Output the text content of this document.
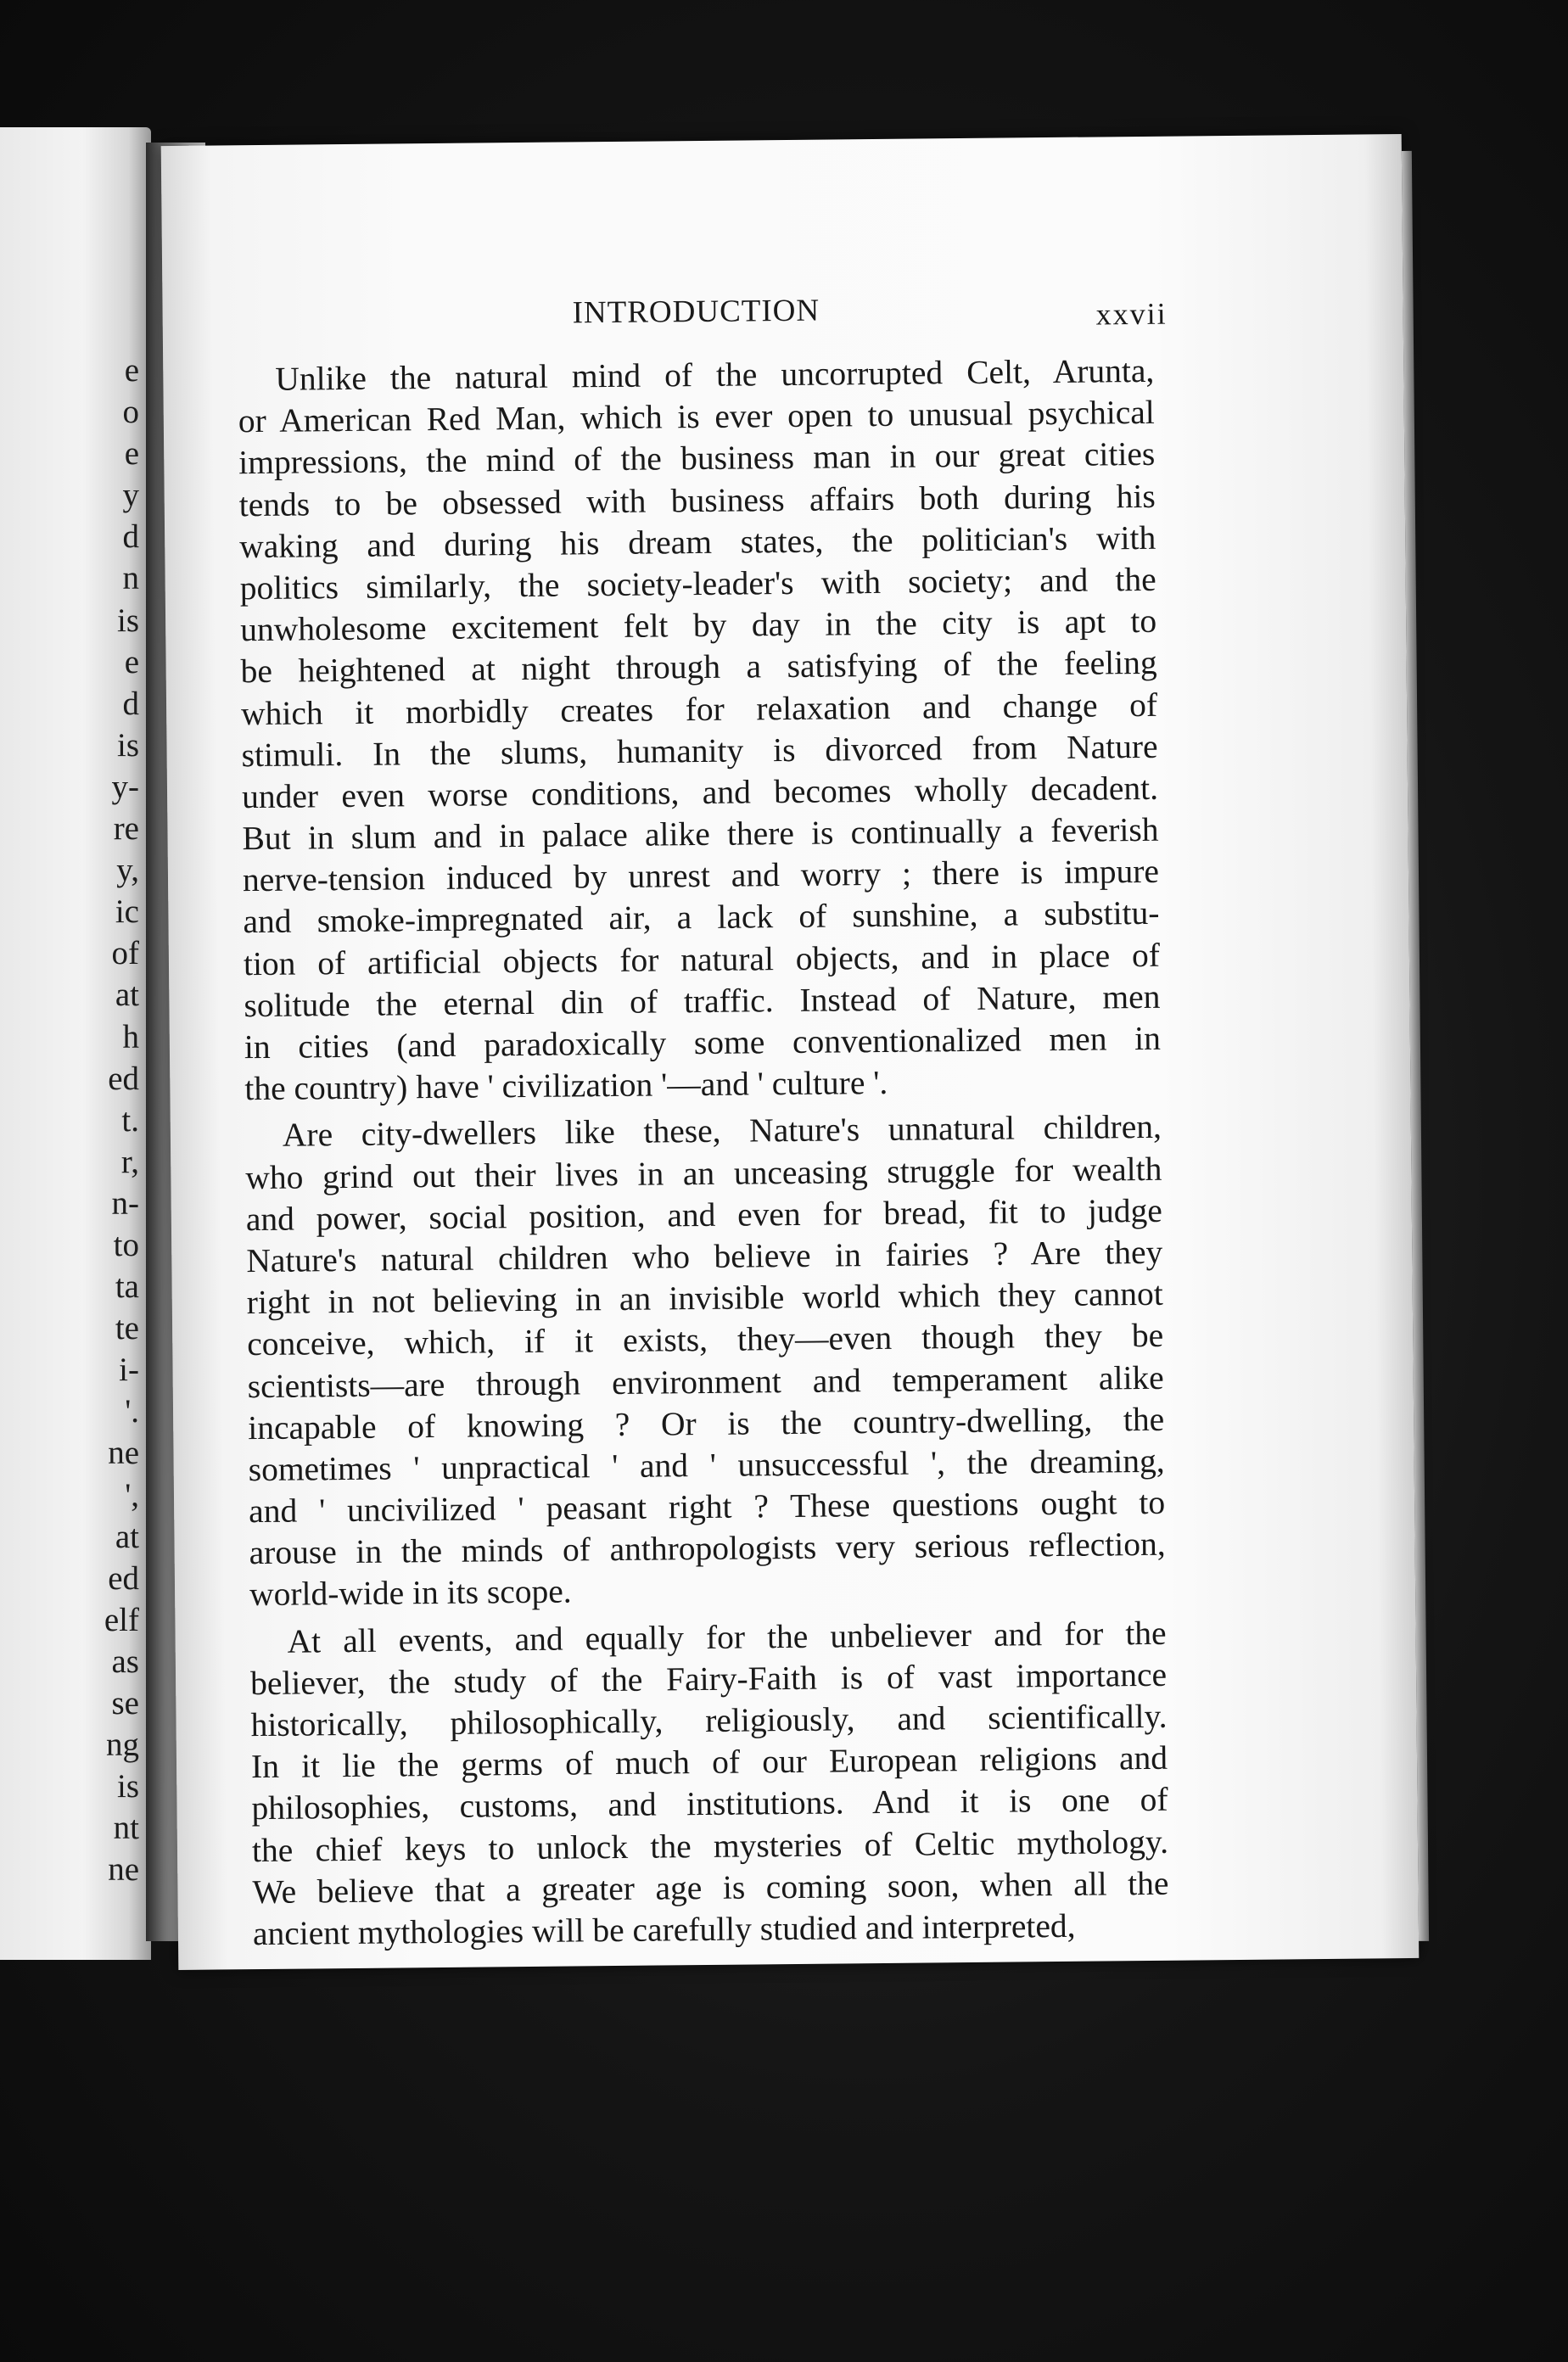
e
o
e
y
d
n
is
e
d
is
y-
re
y,
ic
of
at
h
ed
t.
r,
n-
to
ta
te
i-
'.
ne
',
at
ed
elf
as
se
ng
is
nt
ne
INTRODUCTION	xxvii
Unlike the natural mind of the uncorrupted Celt, Arunta,
or American Red Man, which is ever open to unusual psychical
impressions, the mind of the business man in our great cities
tends to be obsessed with business affairs both during his
waking and during his dream states, the politician's with
politics similarly, the society-leader's with society; and the
unwholesome excitement felt by day in the city is apt to
be heightened at night through a satisfying of the feeling
which it morbidly creates for relaxation and change of
stimuli. In the slums, humanity is divorced from Nature
under even worse conditions, and becomes wholly decadent.
But in slum and in palace alike there is continually a feverish
nerve-tension induced by unrest and worry ; there is impure
and smoke-impregnated air, a lack of sunshine, a substitu-
tion of artificial objects for natural objects, and in place of
solitude the eternal din of traffic. Instead of Nature, men
in cities (and paradoxically some conventionalized men in
the country) have ' civilization '—and ' culture '.
Are city-dwellers like these, Nature's unnatural children,
who grind out their lives in an unceasing struggle for wealth
and power, social position, and even for bread, fit to judge
Nature's natural children who believe in fairies ? Are they
right in not believing in an invisible world which they cannot
conceive, which, if it exists, they—even though they be
scientists—are through environment and temperament alike
incapable of knowing ? Or is the country-dwelling, the
sometimes ' unpractical ' and ' unsuccessful ', the dreaming,
and ' uncivilized ' peasant right ? These questions ought to
arouse in the minds of anthropologists very serious reflection,
world-wide in its scope.
At all events, and equally for the unbeliever and for the
believer, the study of the Fairy-Faith is of vast importance
historically, philosophically, religiously, and scientifically.
In it lie the germs of much of our European religions and
philosophies, customs, and institutions. And it is one of
the chief keys to unlock the mysteries of Celtic mythology.
We believe that a greater age is coming soon, when all the
ancient mythologies will be carefully studied and interpreted,
